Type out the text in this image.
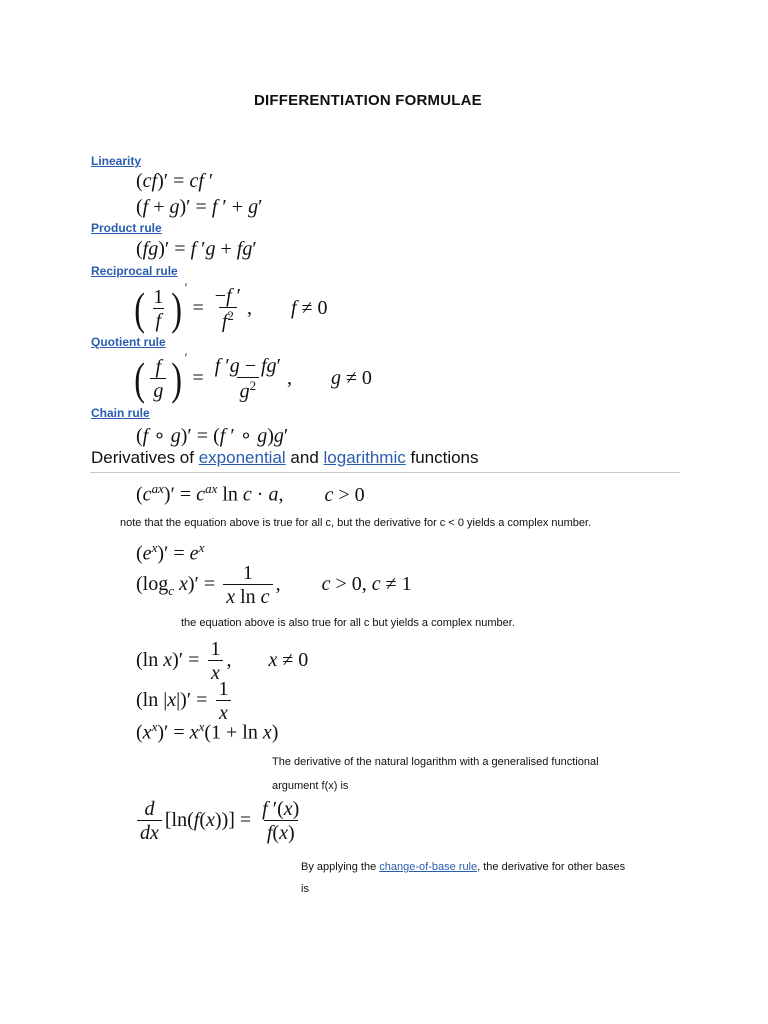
DIFFERENTIATION FORMULAE
Linearity
(cf)′ = cf ′
(f + g)′ = f ′ + g′
Product rule
(fg)′ = f ′g + fg′
Reciprocal rule
( $\frac{1}{f}$ ) $' = \frac{-f '}{f^2}$ , f ≠ 0
Quotient rule
( $\frac{f}{g}$ ) $' = \frac{f 'g - fg'}{g^2}$ , g ≠ 0
Chain rule
(f ∘ g)′ = (f ′ ∘ g)g′
Derivatives of exponential and logarithmic functions
$(c^{ax})' = c^{ax}$ ln c · a, c > 0
note that the equation above is true for all c, but the derivative for c < 0 yields a complex number.
$(e^x)' = e^x$
($\log_c$ $x)' = \frac{1}{\text{x ln c}}$ , c > 0, c ≠ 1
the equation above is also true for all c but yields a complex number.
(ln $x)' = \frac{1}{x}$ , x ≠ 0
(ln $|x|)' = \frac{1}{x}$
$(x^x)' = x^x(1 + \ln x)$
The derivative of the natural logarithm with a generalised functional
argument f(x) is
$\frac{d}{dx} [\ln(f(x))] = \frac{f '(x)}{f(x)}$
By applying the change-of-base rule, the derivative for other bases
is
